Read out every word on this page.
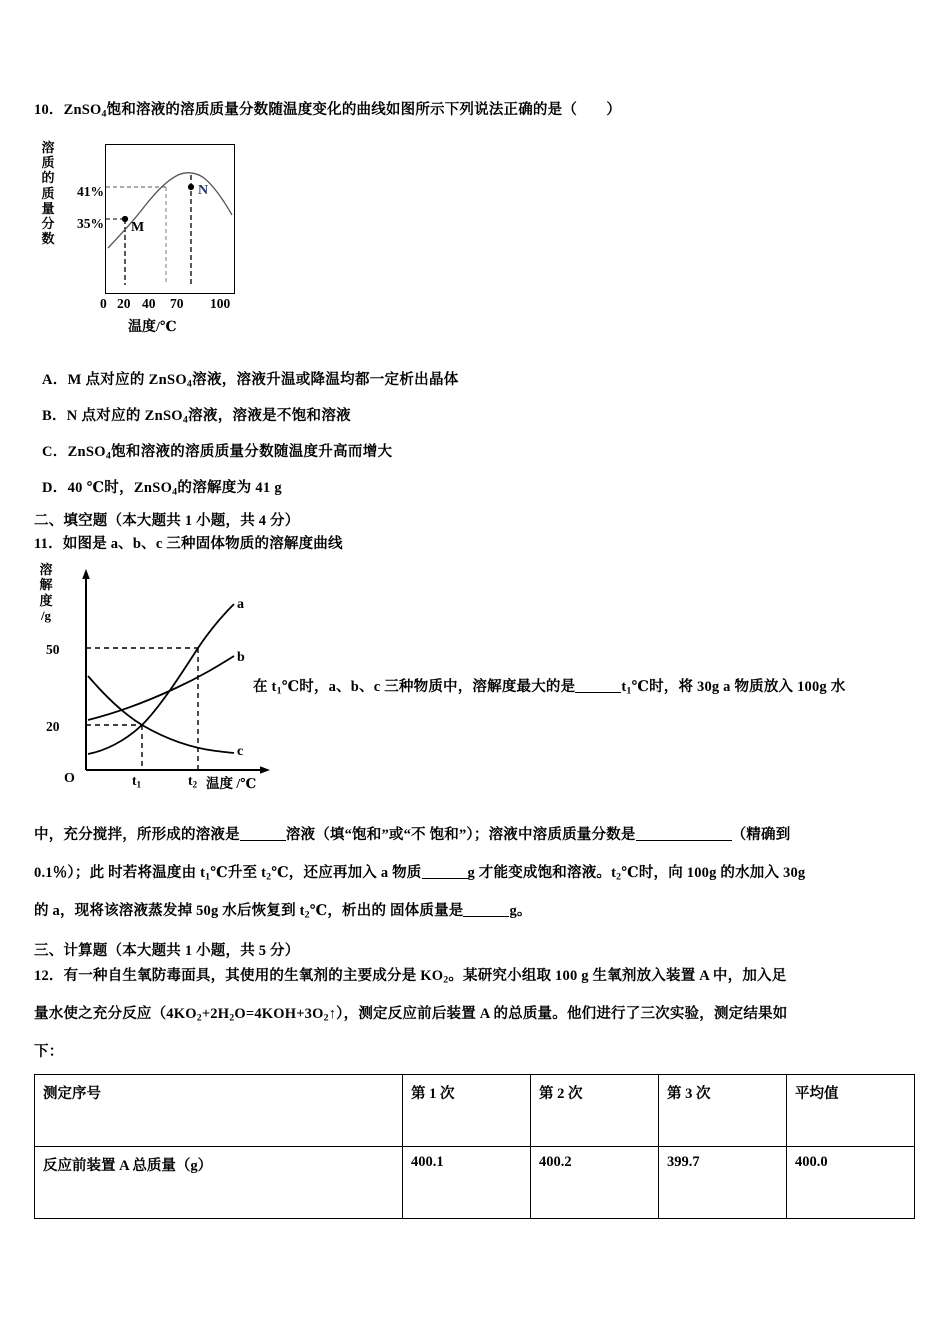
10．ZnSO$_4$饱和溶液的溶质质量分数随温度变化的曲线如图所示下列说法正确的是（　　）
溶
质
的
质
量
分
数
41%
35% M
N
0 20 40 70 100
温度/℃
A．M 点对应的 ZnSO$_4$溶液，溶液升温或降温均都一定析出晶体
B．N 点对应的 ZnSO$_4$溶液，溶液是不饱和溶液
C．ZnSO$_4$饱和溶液的溶质质量分数随温度升高而增大
D．40 ℃时，ZnSO$_4$的溶解度为 41 g
二、填空题（本大题共 1 小题，共 4 分）
11．如图是 a、b、c 三种固体物质的溶解度曲线
溶
解
度
/g
50
20
a
b
c
O	$t_1$	$t_2$ 温度 /℃
在 $t_1℃$时，a、b、c 三种物质中，溶解度最大的是	$t_1℃$时，将 30g a 物质放入 100g 水
中，充分搅拌，所形成的溶液是	溶液（填“饱和”或“不 饱和”）；溶液中溶质质量分数是	（精确到
0.1％）；此 时若将温度由 $t_1℃$升至 $t_2℃$，还应再加入 a 物质	g 才能变成饱和溶液。$t_2℃$时，向 100g 的水加入 30g
的 a，现将该溶液蒸发掉 50g 水后恢复到 $t_2℃$，析出的 固体质量是	g。
三、计算题（本大题共 1 小题，共 5 分）
12．有一种自生氧防毒面具，其使用的生氧剂的主要成分是 $KO_2$。某研究小组取 100 g 生氧剂放入装置 A 中，加入足
量水使之充分反应$(4KO_2+2H_2O=4KOH+3O_2↑)$，测定反应前后装置 A 的总质量。他们进行了三次实验，测定结果如
下：
测定序号	第 1 次	第 2 次	第 3 次	平均值
反应前装置 A 总质量（g）	400.1	400.2	399.7	400.0
